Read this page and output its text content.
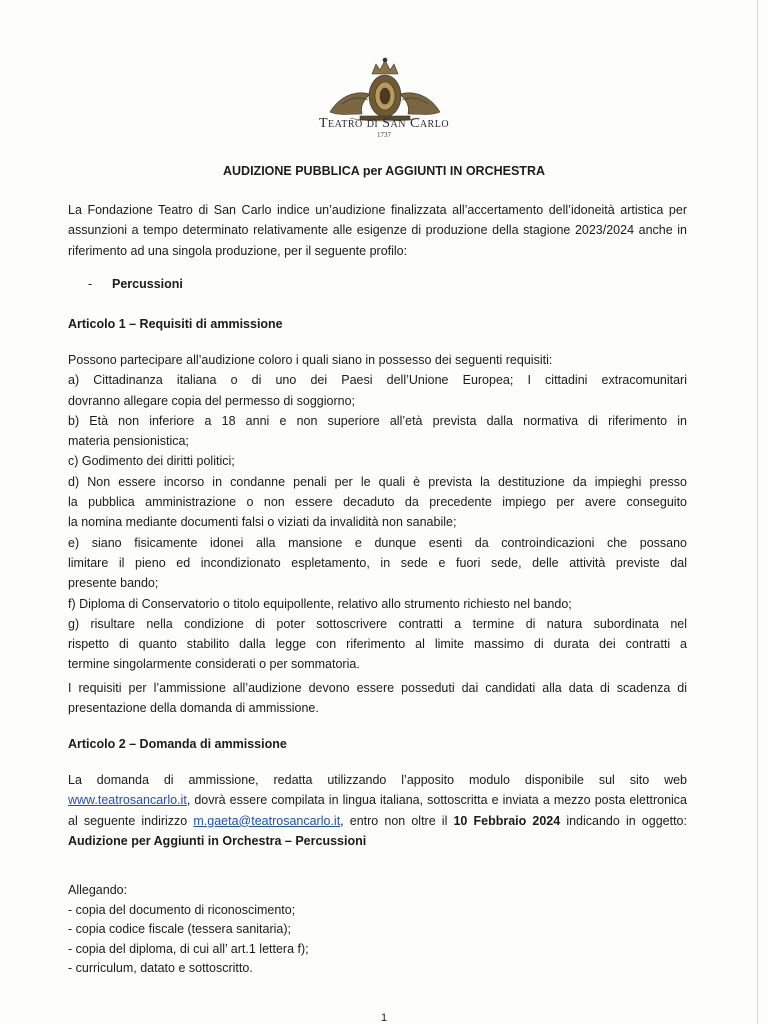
Teatro di San Carlo
1737
AUDIZIONE PUBBLICA per AGGIUNTI IN ORCHESTRA
La Fondazione Teatro di San Carlo indice un’audizione finalizzata all’accertamento dell’idoneità artistica per assunzioni a tempo determinato relativamente alle esigenze di produzione della stagione 2023/2024 anche in riferimento ad una singola produzione, per il seguente profilo:
- Percussioni
Articolo 1 – Requisiti di ammissione
Possono partecipare all’audizione coloro i quali siano in possesso dei seguenti requisiti:
a) Cittadinanza italiana o di uno dei Paesi dell’Unione Europea; I cittadini extracomunitari
dovranno allegare copia del permesso di soggiorno;
b) Età non inferiore a 18 anni e non superiore all’età prevista dalla normativa di riferimento in
materia pensionistica;
c) Godimento dei diritti politici;
d) Non essere incorso in condanne penali per le quali è prevista la destituzione da impieghi presso
la pubblica amministrazione o non essere decaduto da precedente impiego per avere conseguito
la nomina mediante documenti falsi o viziati da invalidità non sanabile;
e) siano fisicamente idonei alla mansione e dunque esenti da controindicazioni che possano
limitare il pieno ed incondizionato espletamento, in sede e fuori sede, delle attività previste dal
presente bando;
f) Diploma di Conservatorio o titolo equipollente, relativo allo strumento richiesto nel bando;
g) risultare nella condizione di poter sottoscrivere contratti a termine di natura subordinata nel
rispetto di quanto stabilito dalla legge con riferimento al limite massimo di durata dei contratti a
termine singolarmente considerati o per sommatoria.
I requisiti per l’ammissione all’audizione devono essere posseduti dai candidati alla data di scadenza di presentazione della domanda di ammissione.
Articolo 2 – Domanda di ammissione
La domanda di ammissione, redatta utilizzando l’apposito modulo disponibile sul sito web www.teatrosancarlo.it, dovrà essere compilata in lingua italiana, sottoscritta e inviata a mezzo posta elettronica al seguente indirizzo m.gaeta@teatrosancarlo.it, entro non oltre il 10 Febbraio 2024 indicando in oggetto: Audizione per Aggiunti in Orchestra – Percussioni
Allegando:
- copia del documento di riconoscimento;
- copia codice fiscale (tessera sanitaria);
- copia del diploma, di cui all’ art.1 lettera f);
- curriculum, datato e sottoscritto.
1
